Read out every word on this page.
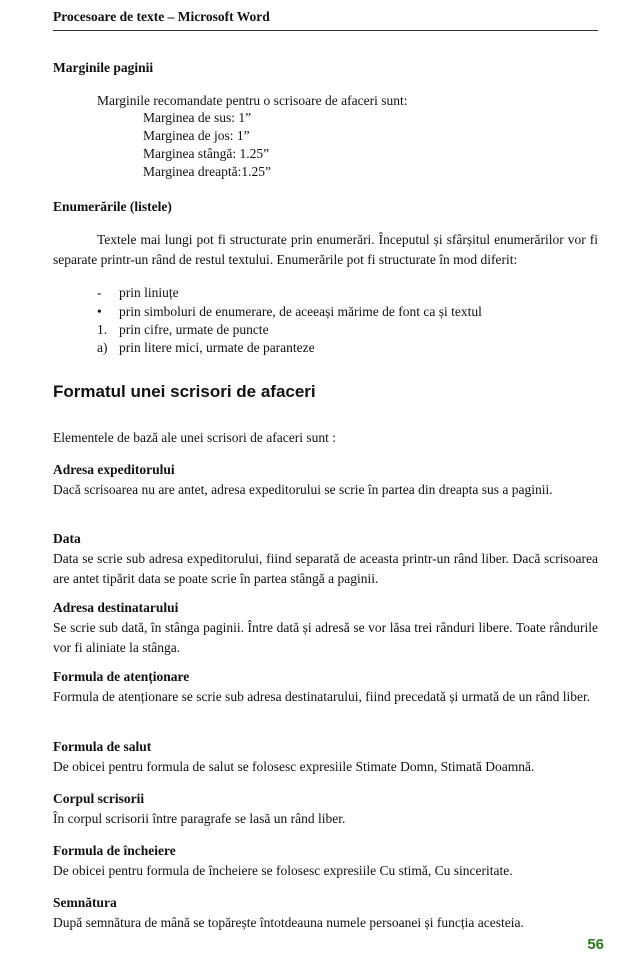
Procesoare de texte – Microsoft Word
Marginile paginii
Marginile recomandate pentru o scrisoare de afaceri sunt:
Marginea de sus: 1”
Marginea de jos: 1”
Marginea stângă: 1.25”
Marginea dreaptă:1.25”
Enumerările (listele)
Textele mai lungi pot fi structurate prin enumerări. Începutul și sfârșitul enumerărilor vor fi separate printr-un rând de restul textului. Enumerările pot fi structurate în mod diferit:
- prin liniuțe
• prin simboluri de enumerare, de aceeași mărime de font ca și textul
1. prin cifre, urmate de puncte
a) prin litere mici, urmate de paranteze
Formatul unei scrisori de afaceri
Elementele de bază ale unei scrisori de afaceri sunt :
Adresa expeditorului
Dacă scrisoarea nu are antet, adresa expeditorului se scrie în partea din dreapta sus a paginii.
Data
Data se scrie sub adresa expeditorului, fiind separată de aceasta printr-un rând liber. Dacă scrisoarea are antet tipărit data se poate scrie în partea stângă a paginii.
Adresa destinatarului
Se scrie sub dată, în stânga paginii. Între dată și adresă se vor lăsa trei rânduri libere. Toate rândurile vor fi aliniate la stânga.
Formula de atenționare
Formula de atenționare se scrie sub adresa destinatarului, fiind precedată și urmată de un rând liber.
Formula de salut
De obicei pentru formula de salut se folosesc expresiile Stimate Domn, Stimată Doamnă.
Corpul scrisorii
În corpul scrisorii între paragrafe se lasă un rând liber.
Formula de încheiere
De obicei pentru formula de încheiere se folosesc expresiile Cu stimă, Cu sinceritate.
Semnătura
După semnătura de mână se topărește întotdeauna numele persoanei și funcția acesteia.
56
